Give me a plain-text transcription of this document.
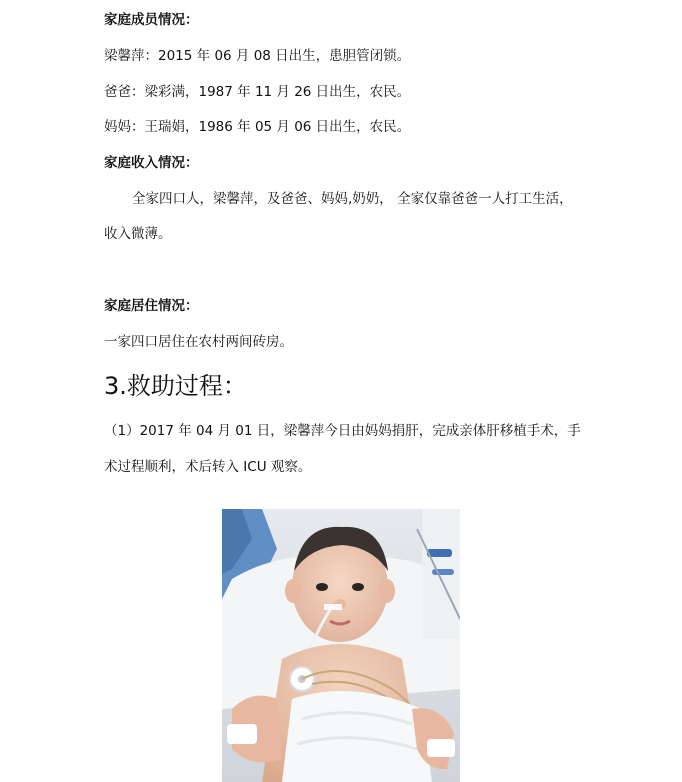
家庭成员情况：
梁馨萍：2015 年 06 月 08 日出生，患胆管闭锁。
爸爸：梁彩满，1987 年 11 月 26 日出生，农民。
妈妈：王瑞娟，1986 年 05 月 06 日出生，农民。
家庭收入情况：
全家四口人，梁馨萍，及爸爸、妈妈,奶奶， 全家仅靠爸爸一人打工生活，
收入微薄。
家庭居住情况：
一家四口居住在农村两间砖房。
3.救助过程：
（1）2017 年 04 月 01 日，梁馨萍今日由妈妈捐肝，完成亲体肝移植手术，手
术过程顺利，术后转入 ICU 观察。
